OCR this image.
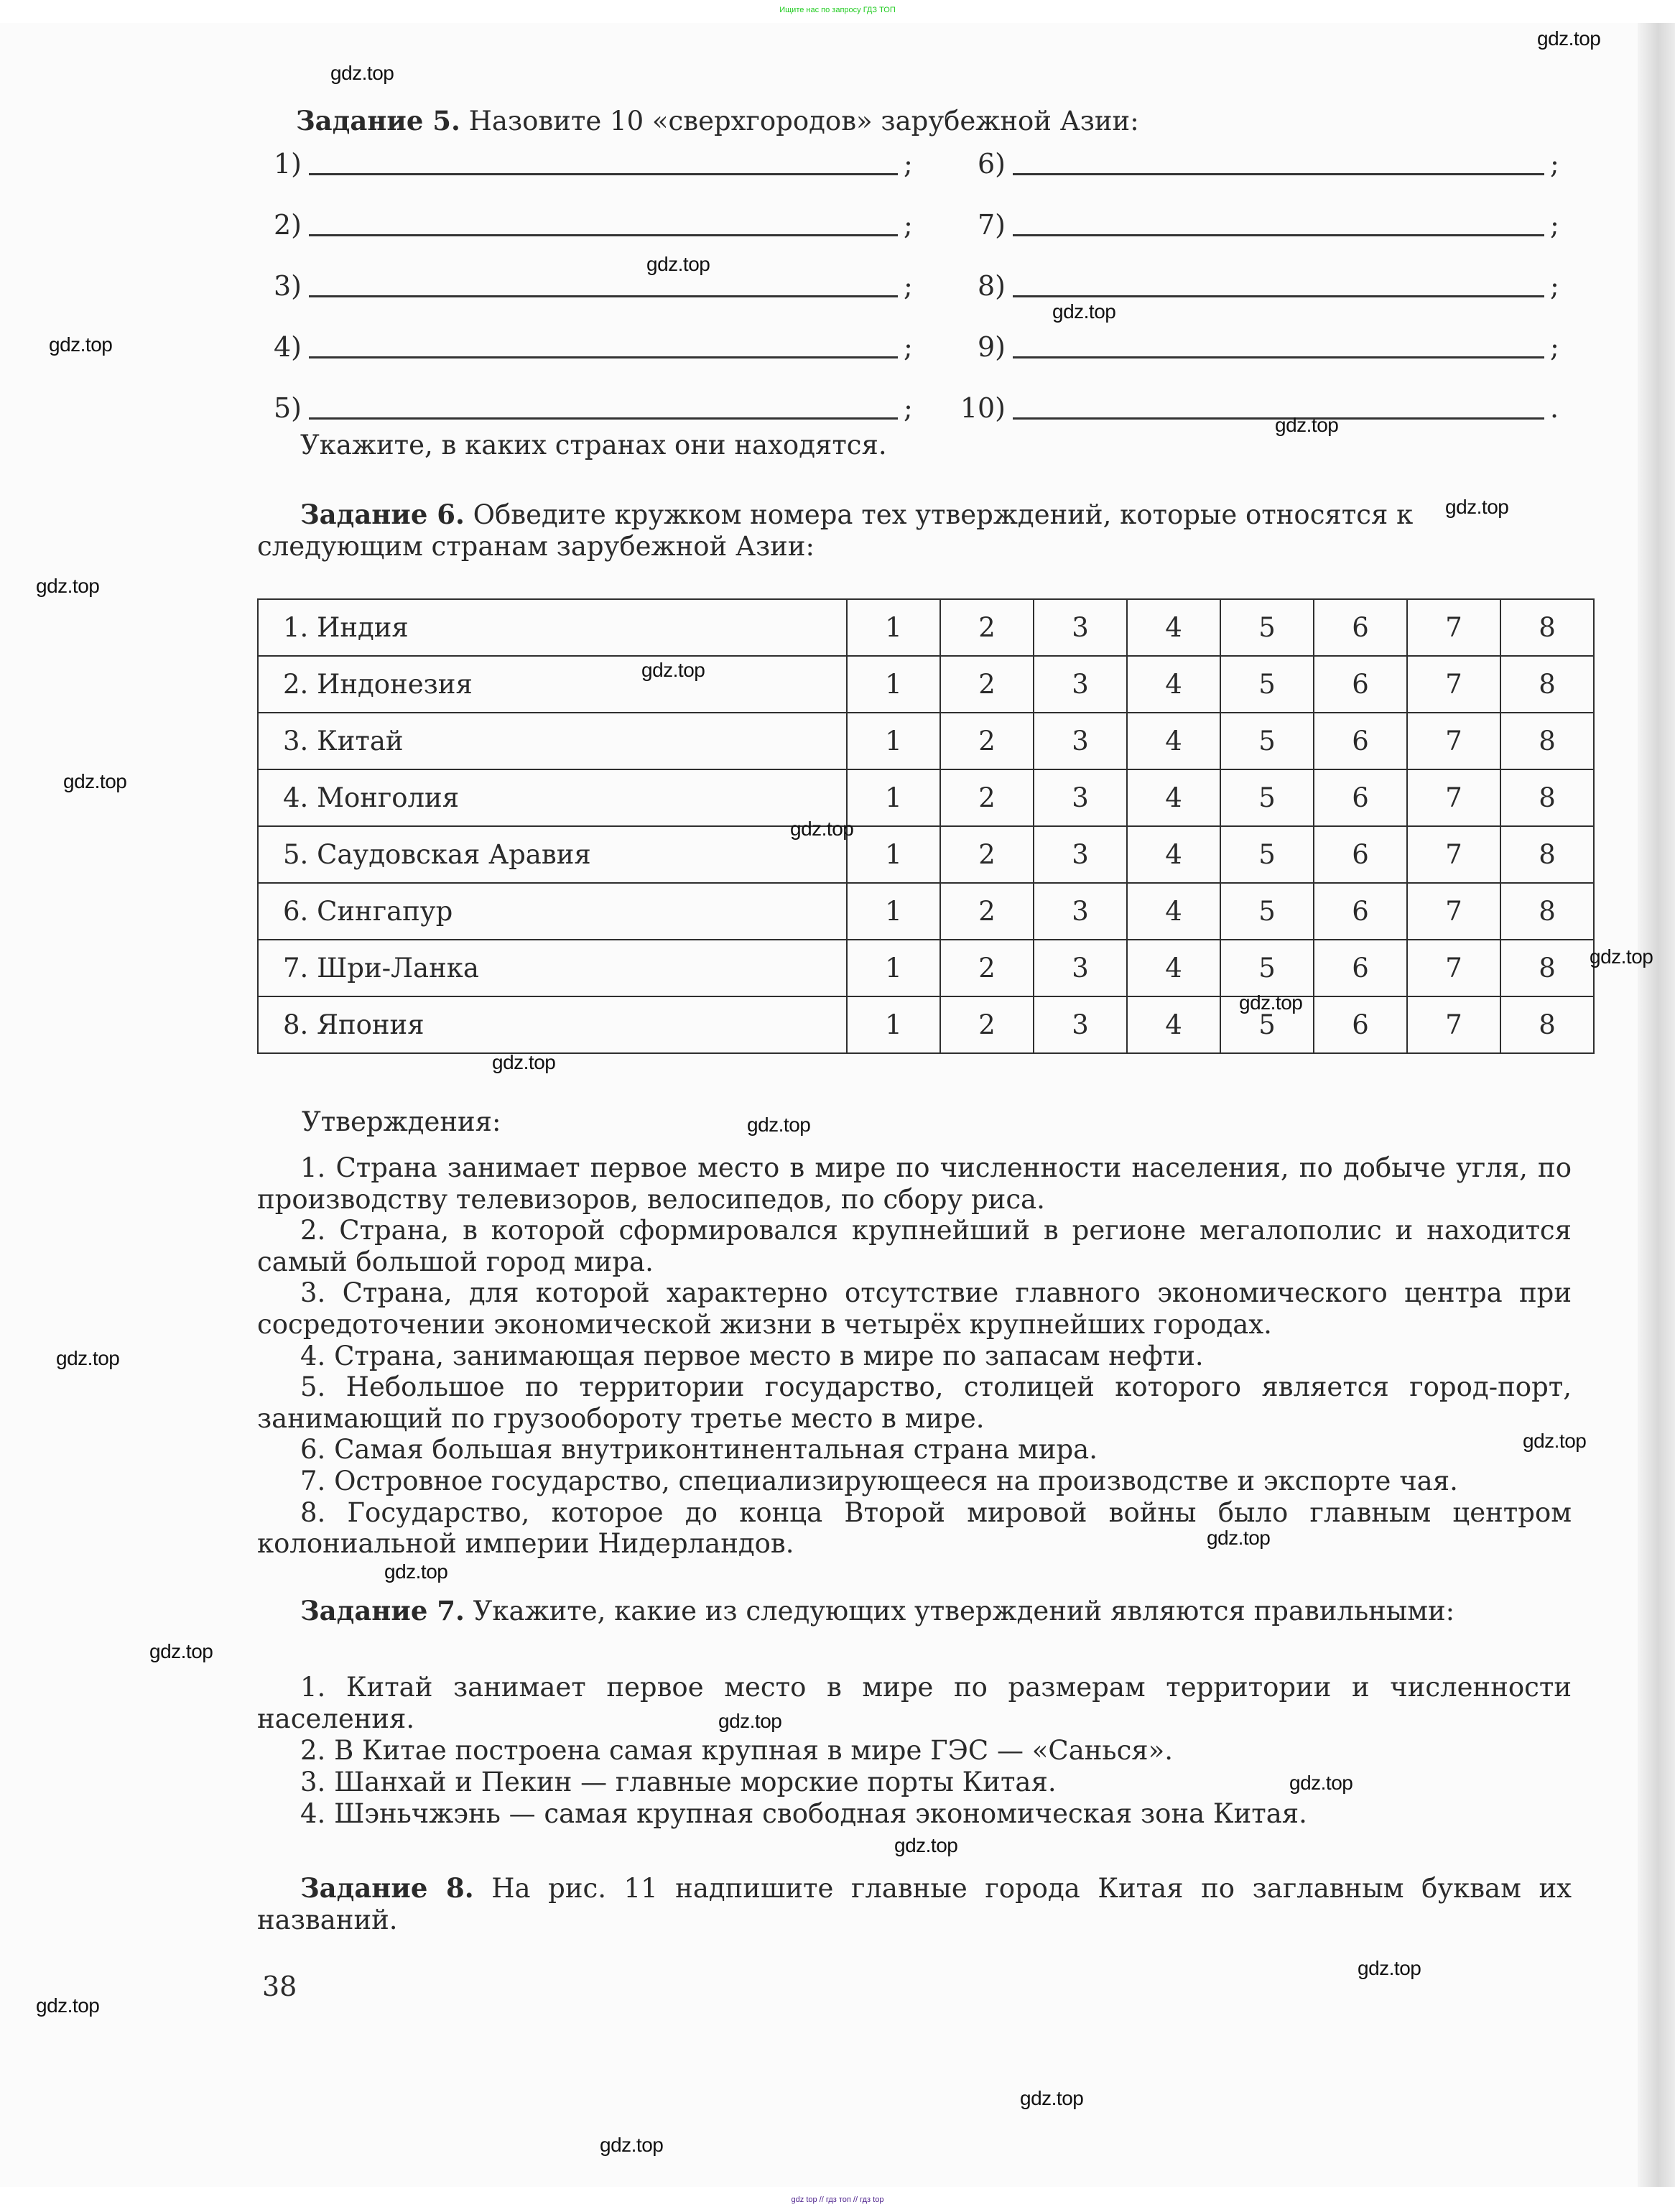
Ищите нас по запросу ГДЗ ТОП
Задание 5. Назовите 10 «сверхгородов» зарубежной Азии:
1)	;
2)	;
3)	;
4)	;
5)	;
6)	;
7)	;
8)	;
9)	;
10)	.
Укажите, в каких странах они находятся.
Задание 6. Обведите кружком номера тех утверждений, которые относятся к
следующим странам зарубежной Азии:
1. Индия	1	2	3	4	5	6	7	8
2. Индонезия	1	2	3	4	5	6	7	8
3. Китай	1	2	3	4	5	6	7	8
4. Монголия	1	2	3	4	5	6	7	8
5. Саудовская Аравия	1	2	3	4	5	6	7	8
6. Сингапур	1	2	3	4	5	6	7	8
7. Шри-Ланка	1	2	3	4	5	6	7	8
8. Япония	1	2	3	4	5	6	7	8
Утверждения:
1. Страна занимает первое место в мире по численности населения, по добыче угля, по производству телевизоров, велосипедов, по сбору риса.
2. Страна, в которой сформировался крупнейший в регионе мегалополис и находится самый большой город мира.
3. Страна, для которой характерно отсутствие главного экономического центра при сосредоточении экономической жизни в четырёх крупнейших городах.
4. Страна, занимающая первое место в мире по запасам нефти.
5. Небольшое по территории государство, столицей которого является город-порт, занимающий по грузообороту третье место в мире.
6. Самая большая внутриконтинентальная страна мира.
7. Островное государство, специализирующееся на производстве и экспорте чая.
8. Государство, которое до конца Второй мировой войны было главным центром колониальной империи Нидерландов.
Задание 7. Укажите, какие из следующих утверждений являются правильными:
1. Китай занимает первое место в мире по размерам территории и численности населения.
2. В Китае построена самая крупная в мире ГЭС — «Санься».
3. Шанхай и Пекин — главные морские порты Китая.
4. Шэньчжэнь — самая крупная свободная экономическая зона Китая.
Задание 8. На рис. 11 надпишите главные города Китая по заглавным буквам их названий.
38
gdz.top
gdz.top
gdz.top
gdz.top
gdz.top
gdz.top
gdz.top
gdz.top
gdz.top
gdz.top
gdz.top
gdz.top
gdz.top
gdz.top
gdz.top
gdz.top
gdz.top
gdz.top
gdz.top
gdz.top
gdz.top
gdz.top
gdz.top
gdz.top
gdz.top
gdz.top
gdz.top
gdz top // гдз топ // гдз top
